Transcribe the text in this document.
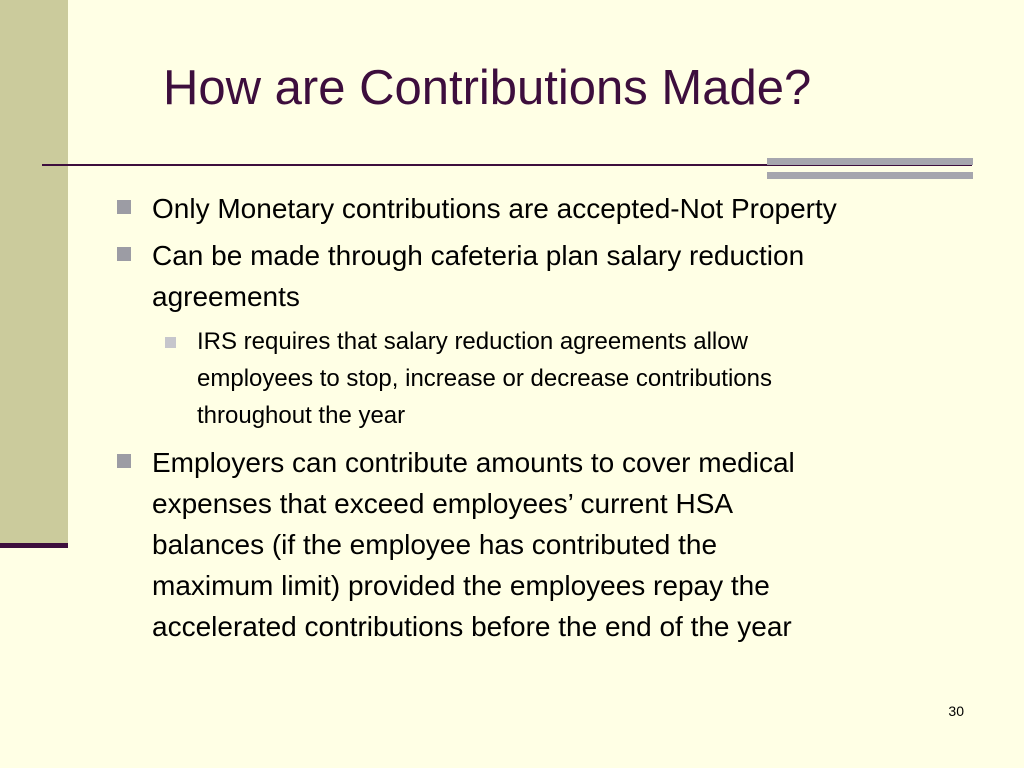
How are Contributions Made?
Only Monetary contributions are accepted-Not Property
Can be made through cafeteria plan salary reduction
agreements
IRS requires that salary reduction agreements allow
employees to stop, increase or decrease contributions
throughout the year
Employers can contribute amounts to cover medical
expenses that exceed employees’ current HSA
balances (if the employee has contributed the
maximum limit) provided the employees repay the
accelerated contributions before the end of the year
30
